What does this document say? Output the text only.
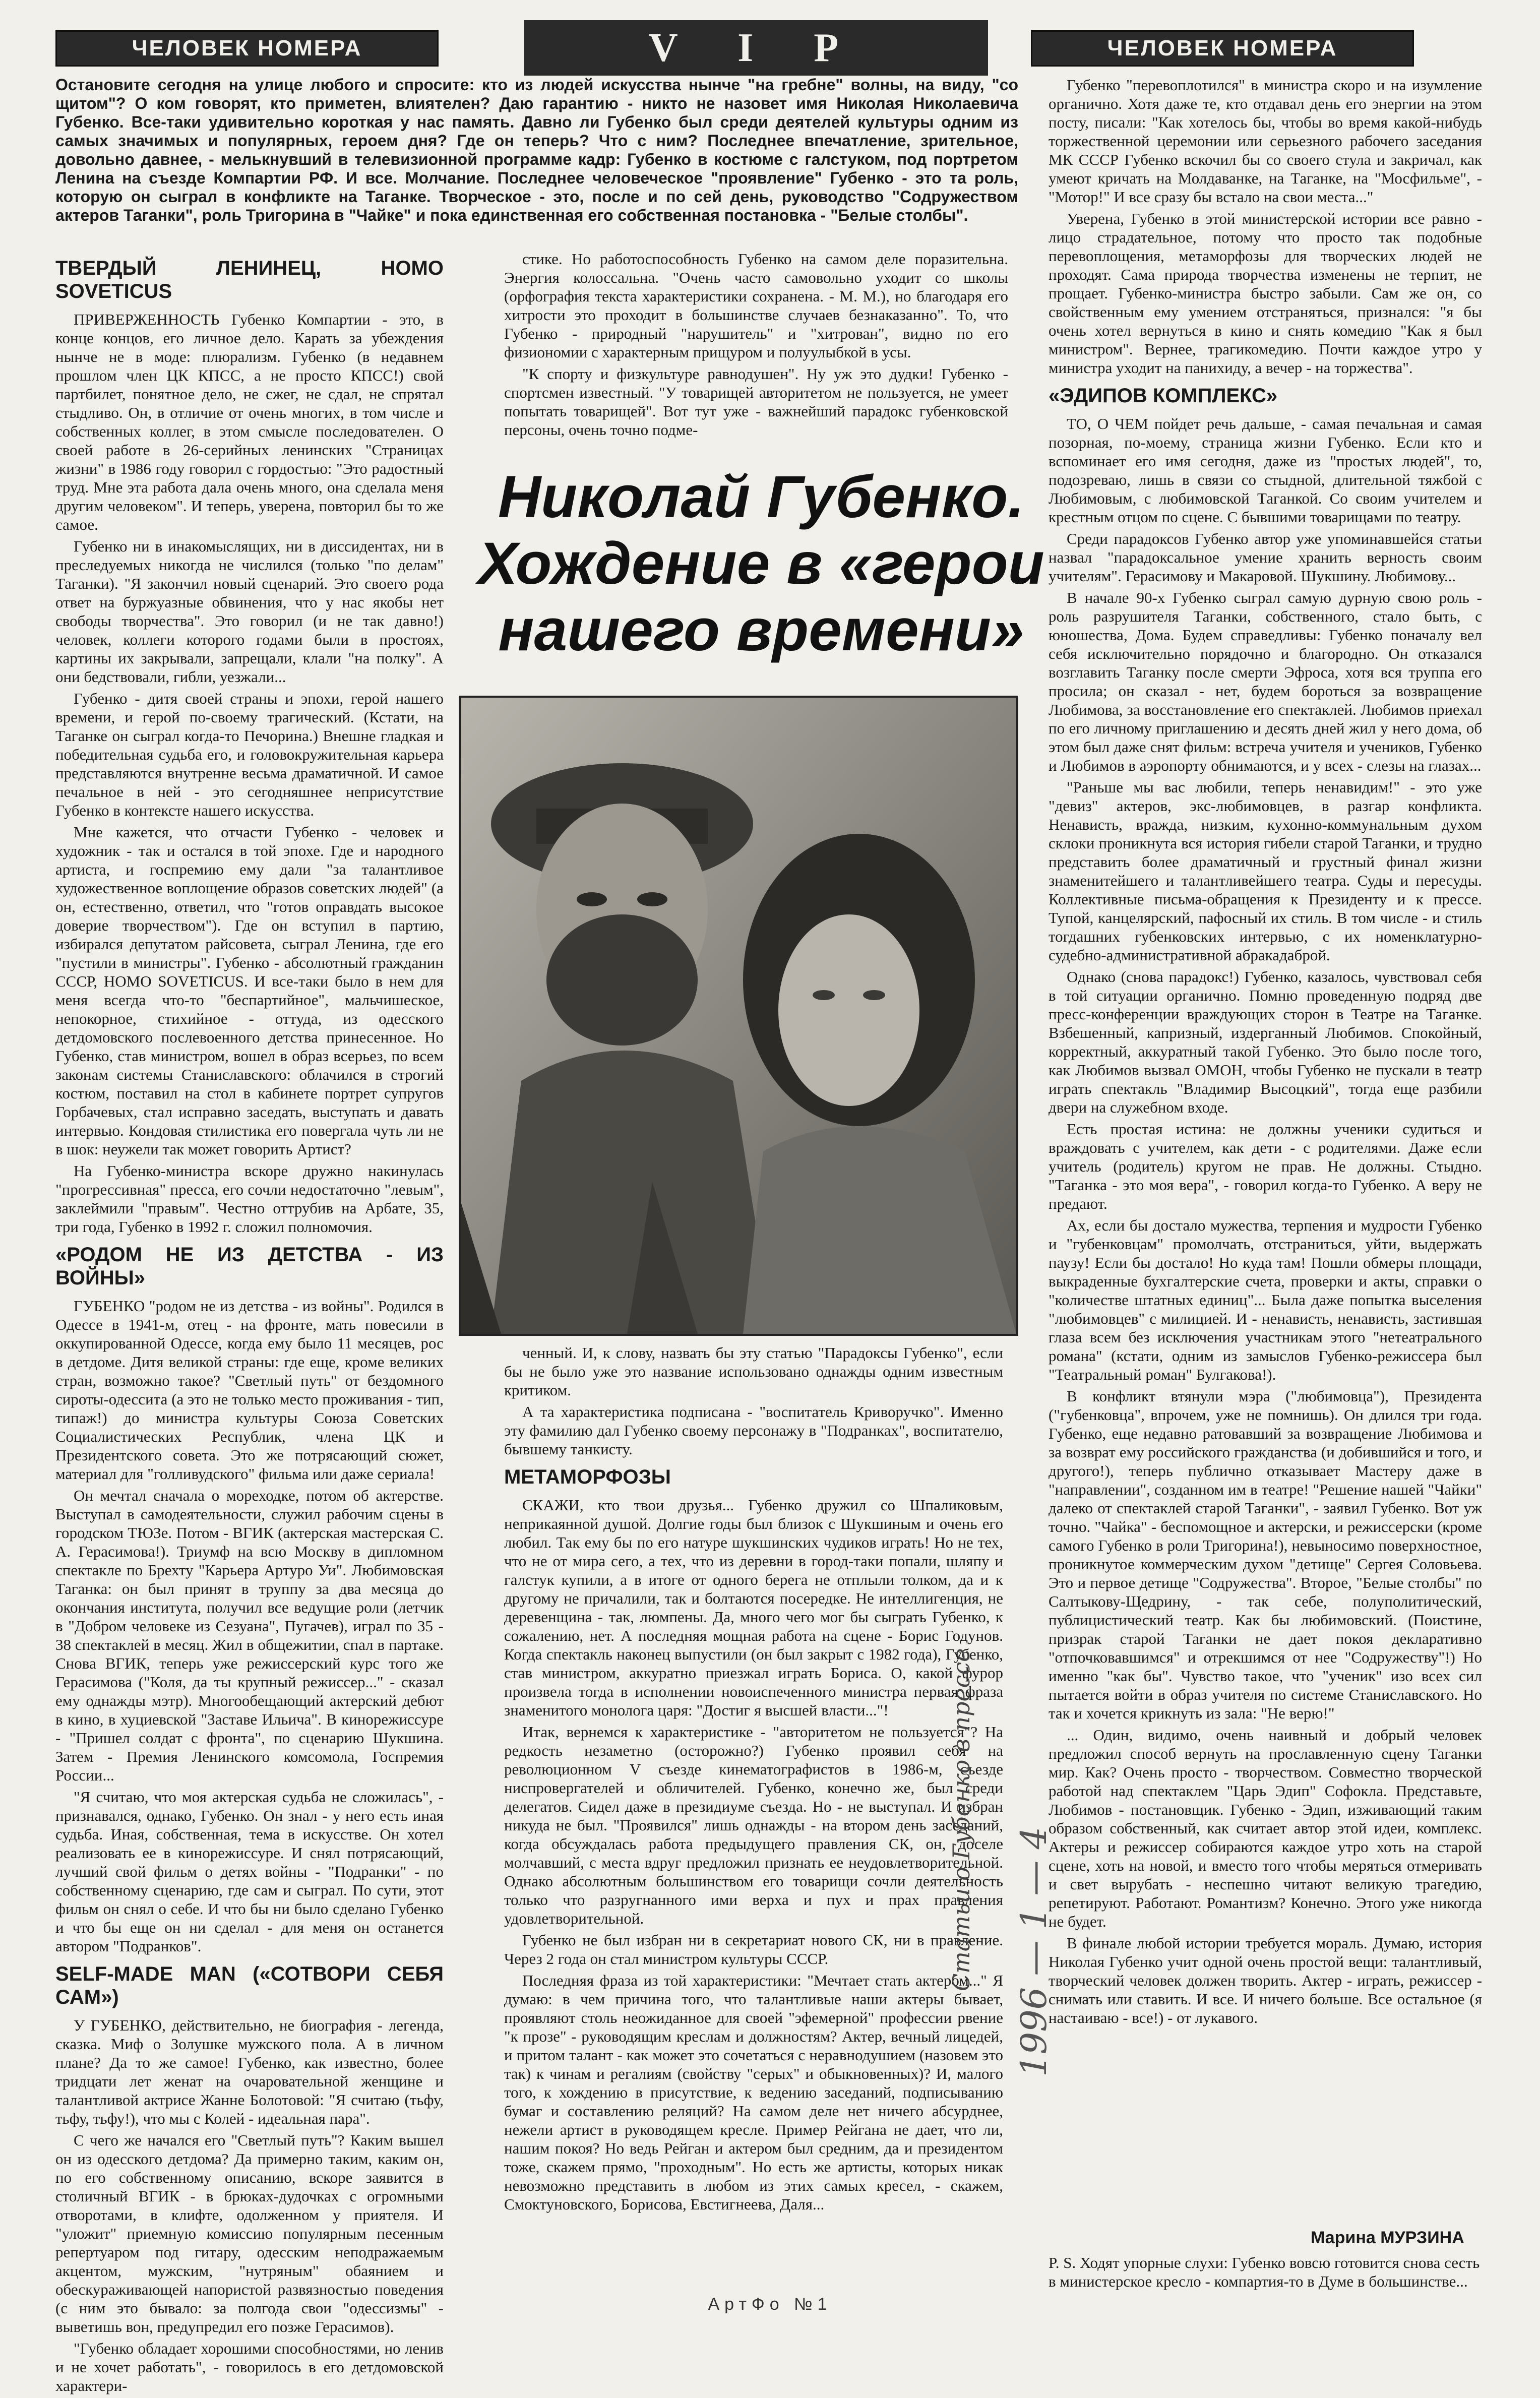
ЧЕЛОВЕК НОМЕРА	V I P	ЧЕЛОВЕК НОМЕРА
Остановите сегодня на улице любого и спросите: кто из людей искусства нынче "на гребне" волны, на виду, "со щитом"? О ком говорят, кто приметен, влиятелен? Даю гарантию - никто не назовет имя Николая Николаевича Губенко. Все-таки удивительно короткая у нас память. Давно ли Губенко был среди деятелей культуры одним из самых значимых и популярных, героем дня? Где он теперь? Что с ним? Последнее впечатление, зрительное, довольно давнее, - мелькнувший в телевизионной программе кадр: Губенко в костюме с галстуком, под портретом Ленина на съезде Компартии РФ. И все. Молчание. Последнее человеческое "проявление" Губенко - это та роль, которую он сыграл в конфликте на Таганке. Творческое - это, после и по сей день, руководство "Содружеством актеров Таганки", роль Тригорина в "Чайке" и пока единственная его собственная постановка - "Белые столбы".

ТВЕРДЫЙ ЛЕНИНЕЦ, HOMO SOVETICUS

ПРИВЕРЖЕННОСТЬ Губенко Компартии - это, в конце концов, его личное дело. Карать за убеждения нынче не в моде: плюрализм. Губенко (в недавнем прошлом член ЦК КПСС, а не просто КПСС!) свой партбилет, понятное дело, не сжег, не сдал, не спрятал стыдливо. Он, в отличие от очень многих, в том числе и собственных коллег, в этом смысле последователен. О своей работе в 26-серийных ленинских "Страницах жизни" в 1986 году говорил с гордостью: "Это радостный труд. Мне эта работа дала очень много, она сделала меня другим человеком". И теперь, уверена, повторил бы то же самое.

Губенко ни в инакомыслящих, ни в диссидентах, ни в преследуемых никогда не числился (только "по делам" Таганки). "Я закончил новый сценарий. Это своего рода ответ на буржуазные обвинения, что у нас якобы нет свободы творчества". Это говорил (и не так давно!) человек, коллеги которого годами были в простоях, картины их закрывали, запрещали, клали "на полку". А они бедствовали, гибли, уезжали...

Губенко - дитя своей страны и эпохи, герой нашего времени, и герой по-своему трагический. (Кстати, на Таганке он сыграл когда-то Печорина.) Внешне гладкая и победительная судьба его, и головокружительная карьера представляются внутренне весьма драматичной. И самое печальное в ней - это сегодняшнее неприсутствие Губенко в контексте нашего искусства.

Мне кажется, что отчасти Губенко - человек и художник - так и остался в той эпохе. Где и народного артиста, и госпремию ему дали "за талантливое художественное воплощение образов советских людей" (а он, естественно, ответил, что "готов оправдать высокое доверие творчеством"). Где он вступил в партию, избирался депутатом райсовета, сыграл Ленина, где его "пустили в министры". Губенко - абсолютный гражданин СССР, HOMO SOVETICUS. И все-таки было в нем для меня всегда что-то "беспартийное", мальчишеское, непокорное, стихийное - оттуда, из одесского детдомовского послевоенного детства принесенное. Но Губенко, став министром, вошел в образ всерьез, по всем законам системы Станиславского: облачился в строгий костюм, поставил на стол в кабинете портрет супругов Горбачевых, стал исправно заседать, выступать и давать интервью. Кондовая стилистика его повергала чуть ли не в шок: неужели так может говорить Артист?

На Губенко-министра вскоре дружно накинулась "прогрессивная" пресса, его сочли недостаточно "левым", заклеймили "правым". Честно оттрубив на Арбате, 35, три года, Губенко в 1992 г. сложил полномочия.

«РОДОМ НЕ ИЗ ДЕТСТВА - ИЗ ВОЙНЫ»

ГУБЕНКО "родом не из детства - из войны". Родился в Одессе в 1941-м, отец - на фронте, мать повесили в оккупированной Одессе, когда ему было 11 месяцев, рос в детдоме. Дитя великой страны: где еще, кроме великих стран, возможно такое? "Светлый путь" от бездомного сироты-одессита (а это не только место проживания - тип, типаж!) до министра культуры Союза Советских Социалистических Республик, члена ЦК и Президентского совета. Это же потрясающий сюжет, материал для "голливудского" фильма или даже сериала!

Он мечтал сначала о мореходке, потом об актерстве. Выступал в самодеятельности, служил рабочим сцены в городском ТЮЗе. Потом - ВГИК (актерская мастерская С. А. Герасимова!). Триумф на всю Москву в дипломном спектакле по Брехту "Карьера Артуро Уи". Любимовская Таганка: он был принят в труппу за два месяца до окончания института, получил все ведущие роли (летчик в "Добром человеке из Сезуана", Пугачев), играл по 35 - 38 спектаклей в месяц. Жил в общежитии, спал в партаке. Снова ВГИК, теперь уже режиссерский курс того же Герасимова ("Коля, да ты крупный режиссер..." - сказал ему однажды мэтр). Многообещающий актерский дебют в кино, в хуциевской "Заставе Ильича". В кинорежиссуре - "Пришел солдат с фронта", по сценарию Шукшина. Затем - Премия Ленинского комсомола, Госпремия России...

"Я считаю, что моя актерская судьба не сложилась", - признавался, однако, Губенко. Он знал - у него есть иная судьба. Иная, собственная, тема в искусстве. Он хотел реализовать ее в кинорежиссуре. И снял потрясающий, лучший свой фильм о детях войны - "Подранки" - по собственному сценарию, где сам и сыграл. По сути, этот фильм он снял о себе. И что бы ни было сделано Губенко и что бы еще он ни сделал - для меня он останется автором "Подранков".

SELF-MADE MAN («СОТВОРИ СЕБЯ САМ»)

У ГУБЕНКО, действительно, не биография - легенда, сказка. Миф о Золушке мужского пола. А в личном плане? Да то же самое! Губенко, как известно, более тридцати лет женат на очаровательной женщине и талантливой актрисе Жанне Болотовой: "Я считаю (тьфу, тьфу, тьфу!), что мы с Колей - идеальная пара".

С чего же начался его "Светлый путь"? Каким вышел он из одесского детдома? Да примерно таким, каким он, по его собственному описанию, вскоре заявится в столичный ВГИК - в брюках-дудочках с огромными отворотами, в клифте, одолженном у приятеля. И "уложит" приемную комиссию популярным песенным репертуаром под гитару, одесским неподражаемым акцентом, мужским, "нутряным" обаянием и обескураживающей напористой развязностью поведения (с ним это бывало: за полгода свои "одессизмы" - выветишь вон, предупредил его позже Герасимов).

"Губенко обладает хорошими способностями, но ленив и не хочет работать", - говорилось в его детдомовской характери-

стике. Но работоспособность Губенко на самом деле поразительна. Энергия колоссальна. "Очень часто самовольно уходит со школы (орфография текста характеристики сохранена. - М. М.), но благодаря его хитрости это проходит в большинстве случаев безнаказанно". То, что Губенко - природный "нарушитель" и "хитрован", видно по его физиономии с характерным прищуром и полуулыбкой в усы.

"К спорту и физкультуре равнодушен". Ну уж это дудки! Губенко - спортсмен известный. "У товарищей авторитетом не пользуется, не умеет попытать товарищей". Вот тут уже - важнейший парадокс губенковской персоны, очень точно подме-

Николай Губенко. Хождение в «герои нашего времени»

ченный. И, к слову, назвать бы эту статью "Парадоксы Губенко", если бы не было уже это название использовано однажды одним известным критиком.

А та характеристика подписана - "воспитатель Криворучко". Именно эту фамилию дал Губенко своему персонажу в "Подранках", воспитателю, бывшему танкисту.

МЕТАМОРФОЗЫ

СКАЖИ, кто твои друзья... Губенко дружил со Шпаликовым, неприкаянной душой. Долгие годы был близок с Шукшиным и очень его любил. Так ему бы по его натуре шукшинских чудиков играть! Но не тех, что не от мира сего, а тех, что из деревни в город-таки попали, шляпу и галстук купили, а в итоге от одного берега не отплыли толком, да и к другому не причалили, так и болтаются посередке. Не интеллигенция, не деревенщина - так, люмпены. Да, много чего мог бы сыграть Губенко, к сожалению, нет. А последняя мощная работа на сцене - Борис Годунов. Когда спектакль наконец выпустили (он был закрыт с 1982 года), Губенко, став министром, аккуратно приезжал играть Бориса. О, какой фурор произвела тогда в исполнении новоиспеченного министра первая фраза знаменитого монолога царя: "Достиг я высшей власти..."!

Итак, вернемся к характеристике - "авторитетом не пользуется"? На редкость незаметно (осторожно?) Губенко проявил себя на революционном V съезде кинематографистов в 1986-м, съезде ниспровергателей и обличителей. Губенко, конечно же, был среди делегатов. Сидел даже в президиуме съезда. Но - не выступал. И избран никуда не был. "Проявился" лишь однажды - на втором день заседаний, когда обсуждалась работа предыдущего правления СК, он, доселе молчавший, с места вдруг предложил признать ее неудовлетворительной. Однако абсолютным большинством его товарищи сочли деятельность только что разругнанного ими верха и пух и прах правления удовлетворительной.

Губенко не был избран ни в секретариат нового СК, ни в правление. Через 2 года он стал министром культуры СССР.

Последняя фраза из той характеристики: "Мечтает стать актером..." Я думаю: в чем причина того, что талантливые наши актеры бывает, проявляют столь неожиданное для своей "эфемерной" профессии рвение "к прозе" - руководящим креслам и должностям? Актер, вечный лицедей, и притом талант - как может это сочетаться с неравнодушием (назовем это так) к чинам и регалиям (свойству "серых" и обыкновенных)? И, малого того, к хождению в присутствие, к ведению заседаний, подписыванию бумаг и составлению реляций? На самом деле нет ничего абсурднее, нежели артист в руководящем кресле. Пример Рейгана не дает, что ли, нашим покоя? Но ведь Рейган и актером был средним, да и президентом тоже, скажем прямо, "проходным". Но есть же артисты, которых никак невозможно представить в любом из этих самых кресел, - скажем, Смоктуновского, Борисова, Евстигнеева, Даля...

Губенко "перевоплотился" в министра скоро и на изумление органично. Хотя даже те, кто отдавал день его энергии на этом посту, писали: "Как хотелось бы, чтобы во время какой-нибудь торжественной церемонии или серьезного рабочего заседания МК СССР Губенко вскочил бы со своего стула и закричал, как умеют кричать на Молдаванке, на Таганке, на "Мосфильме", - "Мотор!" И все сразу бы встало на свои места..."

Уверена, Губенко в этой министерской истории все равно - лицо страдательное, потому что просто так подобные перевоплощения, метаморфозы для творческих людей не проходят. Сама природа творчества изменены не терпит, не прощает. Губенко-министра быстро забыли. Сам же он, со свойственным ему умением отстраняться, признался: "я бы очень хотел вернуться в кино и снять комедию "Как я был министром". Вернее, трагикомедию. Почти каждое утро у министра уходит на панихиду, а вечер - на торжества".

«ЭДИПОВ КОМПЛЕКС»

ТО, О ЧЕМ пойдет речь дальше, - самая печальная и самая позорная, по-моему, страница жизни Губенко. Если кто и вспоминает его имя сегодня, даже из "простых людей", то, подозреваю, лишь в связи со стыдной, длительной тяжбой с Любимовым, с любимовской Таганкой. Со своим учителем и крестным отцом по сцене. С бывшими товарищами по театру.

Среди парадоксов Губенко автор уже упоминавшейся статьи назвал "парадоксальное умение хранить верность своим учителям". Герасимову и Макаровой. Шукшину. Любимову...

В начале 90-х Губенко сыграл самую дурную свою роль - роль разрушителя Таганки, собственного, стало быть, с юношества, Дома. Будем справедливы: Губенко поначалу вел себя исключительно порядочно и благородно. Он отказался возглавить Таганку после смерти Эфроса, хотя вся труппа его просила; он сказал - нет, будем бороться за возвращение Любимова, за восстановление его спектаклей. Любимов приехал по его личному приглашению и десять дней жил у него дома, об этом был даже снят фильм: встреча учителя и учеников, Губенко и Любимов в аэропорту обнимаются, и у всех - слезы на глазах...

"Раньше мы вас любили, теперь ненавидим!" - это уже "девиз" актеров, экс-любимовцев, в разгар конфликта. Ненависть, вражда, низким, кухонно-коммунальным духом склоки проникнута вся история гибели старой Таганки, и трудно представить более драматичный и грустный финал жизни знаменитейшего и талантливейшего театра. Суды и пересуды. Коллективные письма-обращения к Президенту и к прессе. Тупой, канцелярский, пафосный их стиль. В том числе - и стиль тогдашних губенковских интервью, с их номенклатурно-судебно-административной абракадаброй.

Однако (снова парадокс!) Губенко, казалось, чувствовал себя в той ситуации органично. Помню проведенную подряд две пресс-конференции враждующих сторон в Театре на Таганке. Взбешенный, капризный, издерганный Любимов. Спокойный, корректный, аккуратный такой Губенко. Это было после того, как Любимов вызвал ОМОН, чтобы Губенко не пускали в театр играть спектакль "Владимир Высоцкий", тогда еще разбили двери на служебном входе.

Есть простая истина: не должны ученики судиться и враждовать с учителем, как дети - с родителями. Даже если учитель (родитель) кругом не прав. Не должны. Стыдно. "Таганка - это моя вера", - говорил когда-то Губенко. А веру не предают.

Ах, если бы достало мужества, терпения и мудрости Губенко и "губенковцам" промолчать, отстраниться, уйти, выдержать паузу! Если бы достало! Но куда там! Пошли обмеры площади, выкраденные бухгалтерские счета, проверки и акты, справки о "количестве штатных единиц"... Была даже попытка выселения "любимовцев" с милицией. И - ненависть, ненависть, застившая глаза всем без исключения участникам этого "нетеатрального романа" (кстати, одним из замыслов Губенко-режиссера был "Театральный роман" Булгакова!).

В конфликт втянули мэра ("любимовца"), Президента ("губенковца", впрочем, уже не помнишь). Он длился три года. Губенко, еще недавно ратовавший за возвращение Любимова и за возврат ему российского гражданства (и добившийся и того, и другого!), теперь публично отказывает Мастеру даже в "направлении", созданном им в театре! "Решение нашей "Чайки" далеко от спектаклей старой Таганки", - заявил Губенко. Вот уж точно. "Чайка" - беспомощное и актерски, и режиссерски (кроме самого Губенко в роли Тригорина!), невыносимо поверхностное, проникнутое коммерческим духом "детище" Сергея Соловьева. Это и первое детище "Содружества". Второе, "Белые столбы" по Салтыкову-Щедрину, - так себе, полуполитический, публицистический театр. Как бы любимовский. (Поистине, призрак старой Таганки не дает покоя декларативно "отпочковавшимся" и отрекшимся от нее "Содружеству"!) Но именно "как бы". Чувство такое, что "ученик" изо всех сил пытается войти в образ учителя по системе Станиславского. Но так и хочется крикнуть из зала: "Не верю!"

... Один, видимо, очень наивный и добрый человек предложил способ вернуть на прославленную сцену Таганки мир. Как? Очень просто - творчеством. Совместно творческой работой над спектаклем "Царь Эдип" Софокла. Представьте, Любимов - постановщик. Губенко - Эдип, изживающий таким образом собственный, как считает автор этой идеи, комплекс. Актеры и режиссер собираются каждое утро хоть на старой сцене, хоть на новой, и вместо того чтобы меряться отмеривать и свет вырубать - неспешно читают великую трагедию, репетируют. Работают. Романтизм? Конечно. Этого уже никогда не будет.

В финале любой истории требуется мораль. Думаю, история Николая Губенко учит одной очень простой вещи: талантливый, творческий человек должен творить. Актер - играть, режиссер - снимать или ставить. И все. И ничего больше. Все остальное (я настаиваю - все!) - от лукавого.

Марина МУРЗИНА
P. S. Ходят упорные слухи: Губенко вовсю готовится снова сесть в министерское кресло - компартия-то в Думе в большинстве...
Статьи о Губенко в прессе 1996 — 1 — 4
АртФо №1
